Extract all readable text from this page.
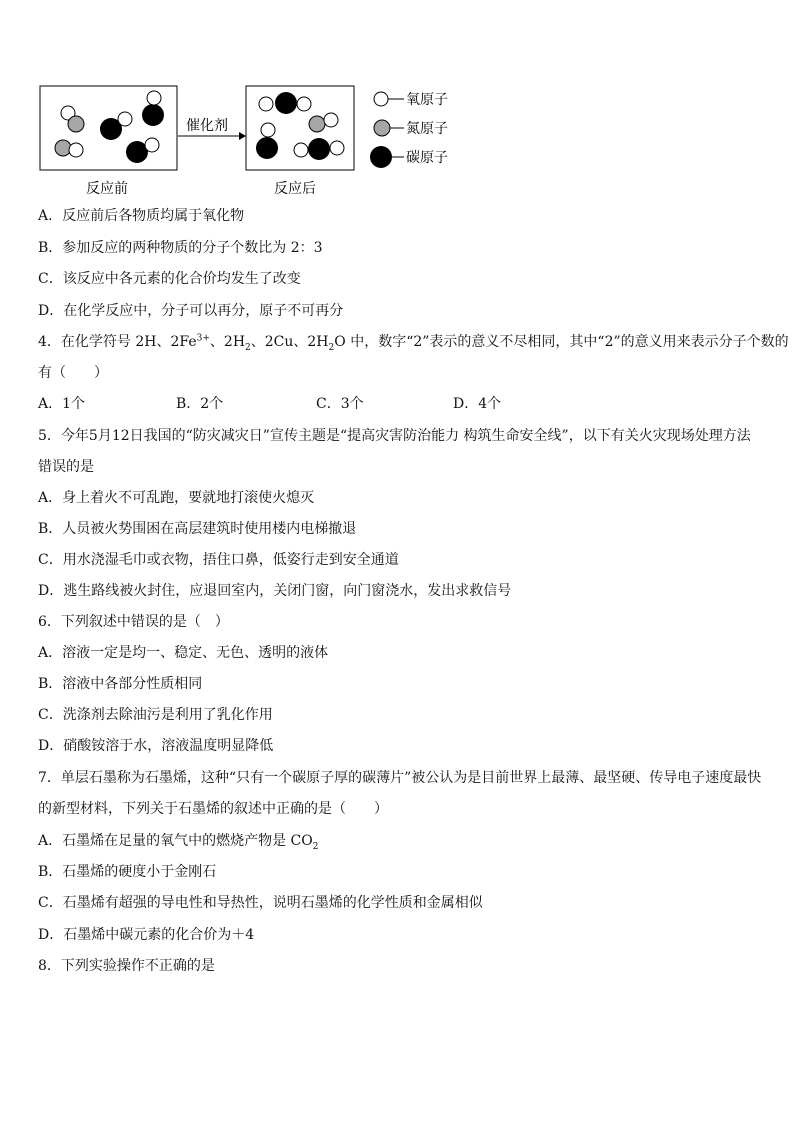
催化剂
反应前	反应后
氧原子
氮原子
碳原子
A．反应前后各物质均属于氧化物
B．参加反应的两种物质的分子个数比为 2：3
C．该反应中各元素的化合价均发生了改变
D．在化学反应中，分子可以再分，原子不可再分
4．在化学符号 2H、$2Fe^{3+}$、$2H_2$、2Cu、$2H_2O$ 中，数字“2”表示的意义不尽相同，其中“2”的意义用来表示分子个数的
有（　　）
A．1个	B．2个	C．3个	D．4个
5．今年5月12日我国的“防灾减灾日”宣传主题是“提高灾害防治能力 构筑生命安全线”，以下有关火灾现场处理方法
错误的是
A．身上着火不可乱跑，要就地打滚使火熄灭
B．人员被火势围困在高层建筑时使用楼内电梯撤退
C．用水浇湿毛巾或衣物，捂住口鼻，低姿行走到安全通道
D．逃生路线被火封住，应退回室内，关闭门窗，向门窗浇水，发出求救信号
6．下列叙述中错误的是（　）
A．溶液一定是均一、稳定、无色、透明的液体
B．溶液中各部分性质相同
C．洗涤剂去除油污是利用了乳化作用
D．硝酸铵溶于水，溶液温度明显降低
7．单层石墨称为石墨烯，这种“只有一个碳原子厚的碳薄片”被公认为是目前世界上最薄、最坚硬、传导电子速度最快
的新型材料，下列关于石墨烯的叙述中正确的是（　　）
A．石墨烯在足量的氧气中的燃烧产物是 $CO_2$
B．石墨烯的硬度小于金刚石
C．石墨烯有超强的导电性和导热性，说明石墨烯的化学性质和金属相似
D．石墨烯中碳元素的化合价为＋4
8．下列实验操作不正确的是
